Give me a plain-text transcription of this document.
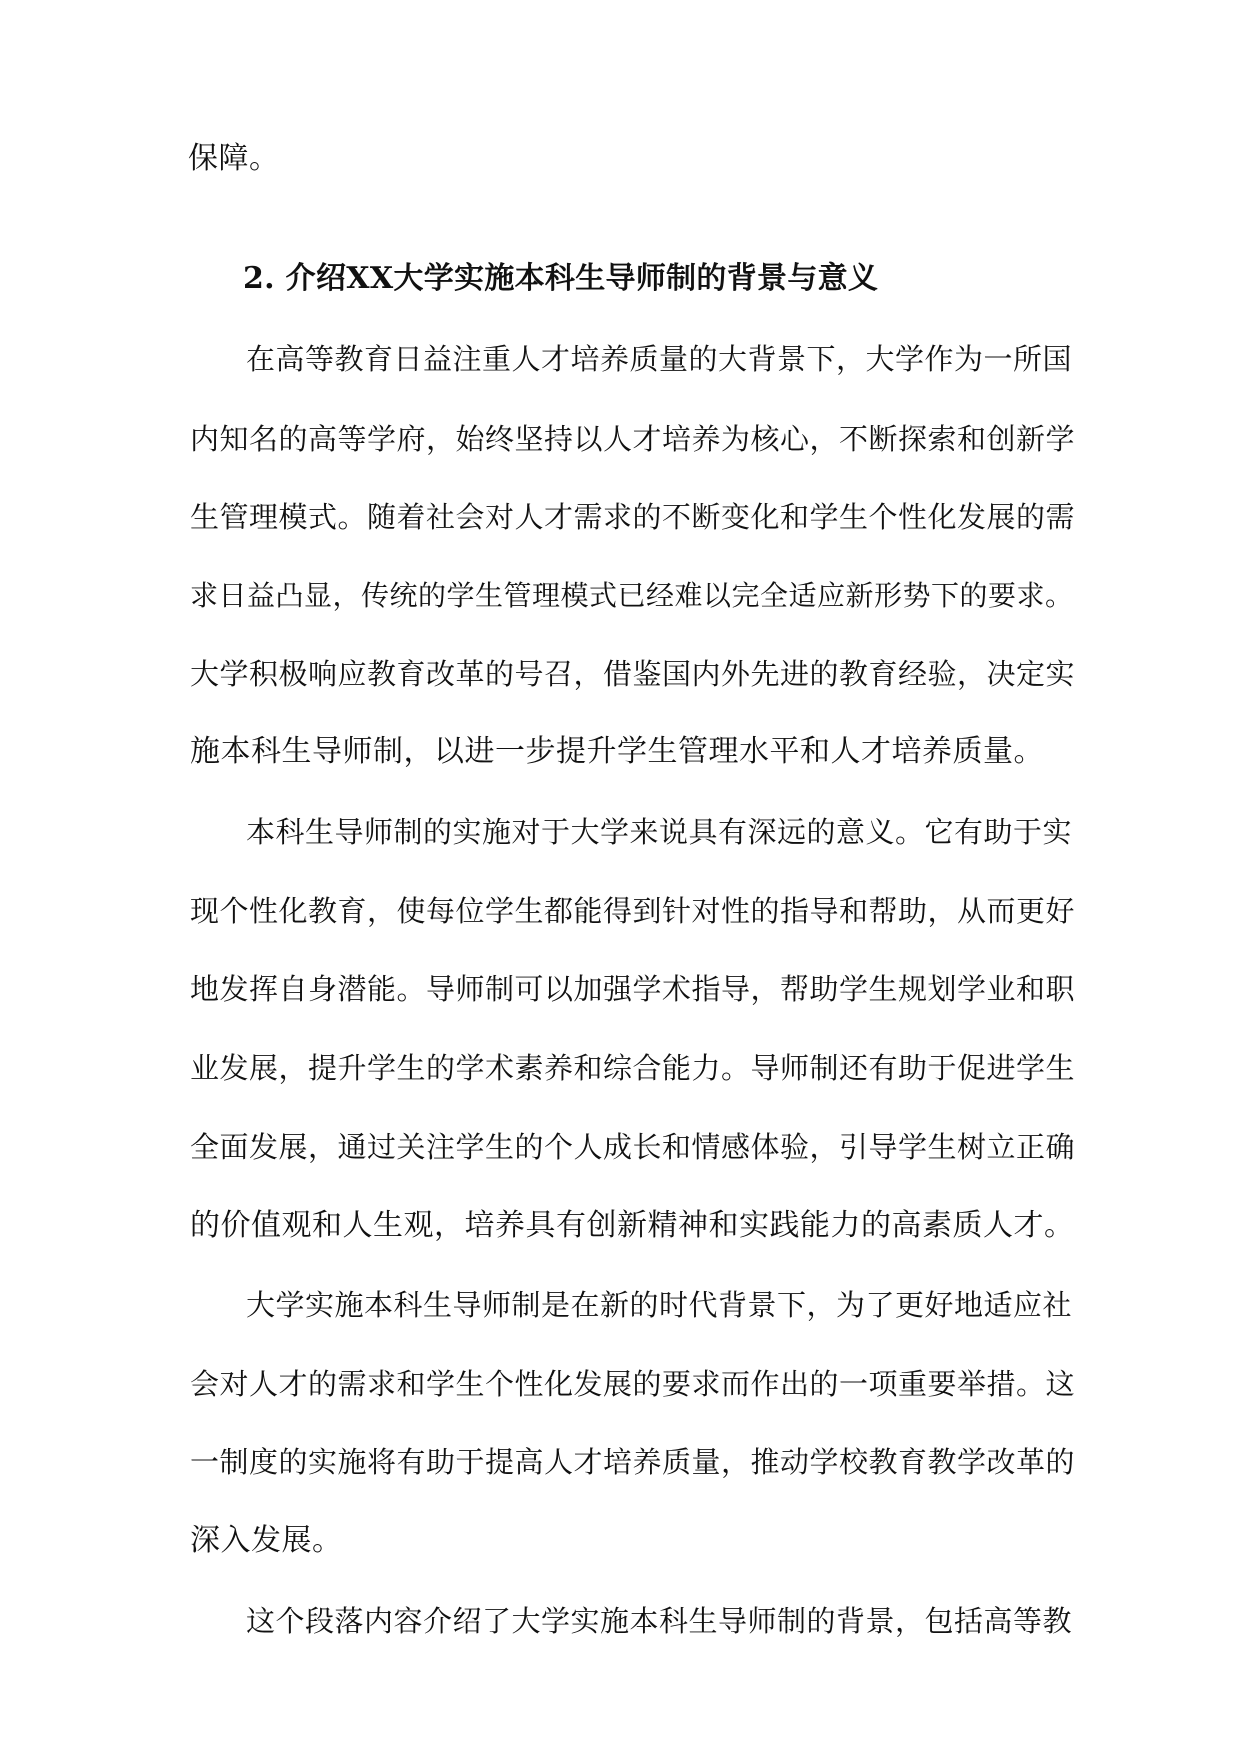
保障。
2. 介绍XX大学实施本科生导师制的背景与意义
在高等教育日益注重人才培养质量的大背景下，大学作为一所国
内知名的高等学府，始终坚持以人才培养为核心，不断探索和创新学
生管理模式。随着社会对人才需求的不断变化和学生个性化发展的需
求日益凸显，传统的学生管理模式已经难以完全适应新形势下的要求。
大学积极响应教育改革的号召，借鉴国内外先进的教育经验，决定实
施本科生导师制，以进一步提升学生管理水平和人才培养质量。
本科生导师制的实施对于大学来说具有深远的意义。它有助于实
现个性化教育，使每位学生都能得到针对性的指导和帮助，从而更好
地发挥自身潜能。导师制可以加强学术指导，帮助学生规划学业和职
业发展，提升学生的学术素养和综合能力。导师制还有助于促进学生
全面发展，通过关注学生的个人成长和情感体验，引导学生树立正确
的价值观和人生观，培养具有创新精神和实践能力的高素质人才。
大学实施本科生导师制是在新的时代背景下，为了更好地适应社
会对人才的需求和学生个性化发展的要求而作出的一项重要举措。这
一制度的实施将有助于提高人才培养质量，推动学校教育教学改革的
深入发展。
这个段落内容介绍了大学实施本科生导师制的背景，包括高等教
